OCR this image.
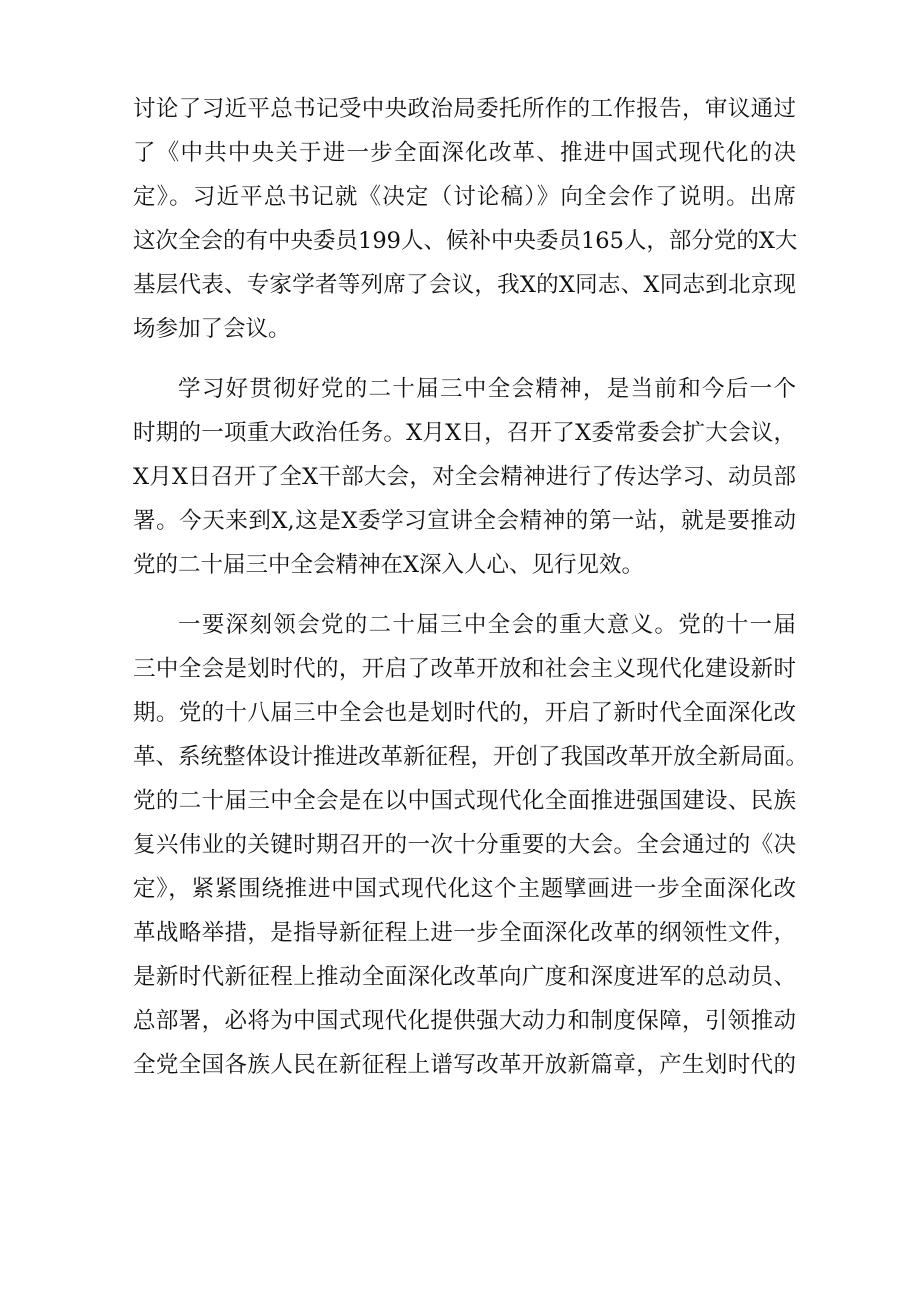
讨论了习近平总书记受中央政治局委托所作的工作报告，审议通过
了《中共中央关于进一步全面深化改革、推进中国式现代化的决
定》。习近平总书记就《决定（讨论稿）》向全会作了说明。出席
这次全会的有中央委员199人、候补中央委员165人，部分党的X大
基层代表、专家学者等列席了会议，我X的X同志、X同志到北京现
场参加了会议。
学习好贯彻好党的二十届三中全会精神，是当前和今后一个
时期的一项重大政治任务。X月X日，召开了X委常委会扩大会议，
X月X日召开了全X干部大会，对全会精神进行了传达学习、动员部
署。今天来到X,这是X委学习宣讲全会精神的第一站，就是要推动
党的二十届三中全会精神在X深入人心、见行见效。
一要深刻领会党的二十届三中全会的重大意义。党的十一届
三中全会是划时代的，开启了改革开放和社会主义现代化建设新时
期。党的十八届三中全会也是划时代的，开启了新时代全面深化改
革、系统整体设计推进改革新征程，开创了我国改革开放全新局面。
党的二十届三中全会是在以中国式现代化全面推进强国建设、民族
复兴伟业的关键时期召开的一次十分重要的大会。全会通过的《决
定》，紧紧围绕推进中国式现代化这个主题擘画进一步全面深化改
革战略举措，是指导新征程上进一步全面深化改革的纲领性文件，
是新时代新征程上推动全面深化改革向广度和深度进军的总动员、
总部署，必将为中国式现代化提供强大动力和制度保障，引领推动
全党全国各族人民在新征程上谱写改革开放新篇章，产生划时代的
